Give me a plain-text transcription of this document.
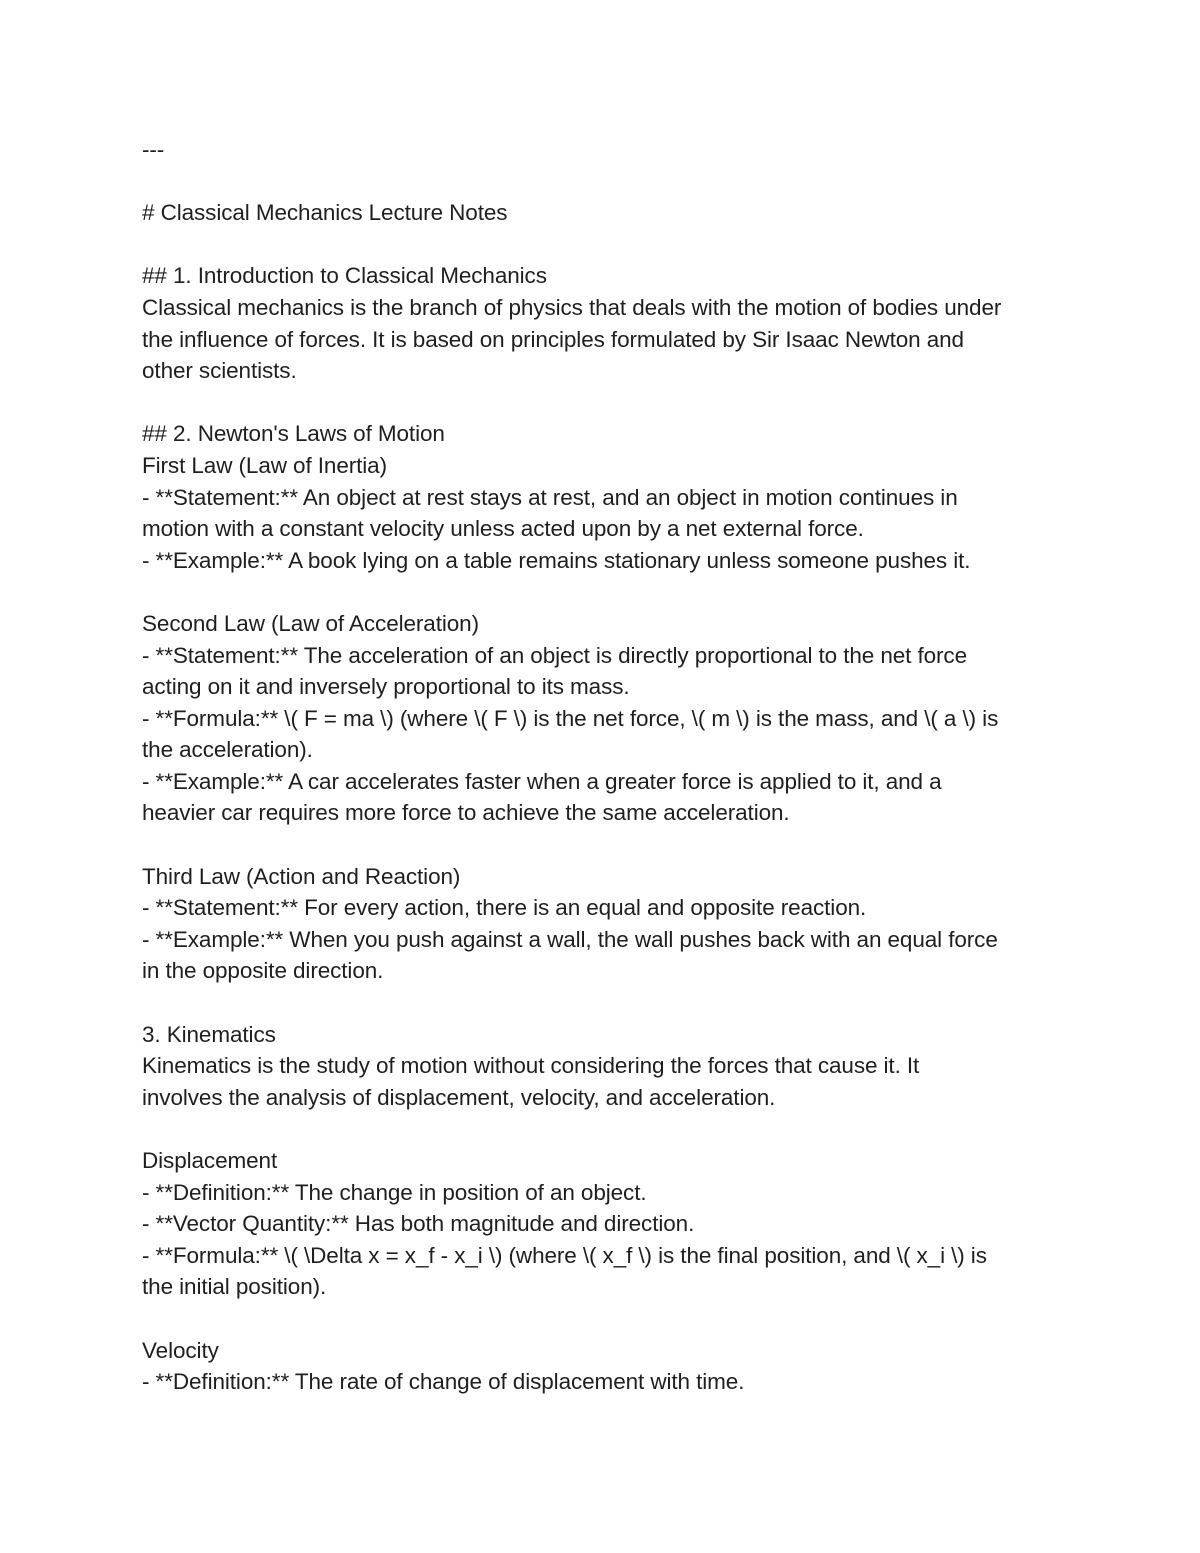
---
# Classical Mechanics Lecture Notes
## 1. Introduction to Classical Mechanics
Classical mechanics is the branch of physics that deals with the motion of bodies under
the influence of forces. It is based on principles formulated by Sir Isaac Newton and
other scientists.
## 2. Newton's Laws of Motion
First Law (Law of Inertia)
- **Statement:** An object at rest stays at rest, and an object in motion continues in
motion with a constant velocity unless acted upon by a net external force.
- **Example:** A book lying on a table remains stationary unless someone pushes it.
Second Law (Law of Acceleration)
- **Statement:** The acceleration of an object is directly proportional to the net force
acting on it and inversely proportional to its mass.
- **Formula:** \( F = ma \) (where \( F \) is the net force, \( m \) is the mass, and \( a \) is
the acceleration).
- **Example:** A car accelerates faster when a greater force is applied to it, and a
heavier car requires more force to achieve the same acceleration.
Third Law (Action and Reaction)
- **Statement:** For every action, there is an equal and opposite reaction.
- **Example:** When you push against a wall, the wall pushes back with an equal force
in the opposite direction.
3. Kinematics
Kinematics is the study of motion without considering the forces that cause it. It
involves the analysis of displacement, velocity, and acceleration.
Displacement
- **Definition:** The change in position of an object.
- **Vector Quantity:** Has both magnitude and direction.
- **Formula:** \( \Delta x = x_f - x_i \) (where \( x_f \) is the final position, and \( x_i \) is
the initial position).
Velocity
- **Definition:** The rate of change of displacement with time.
